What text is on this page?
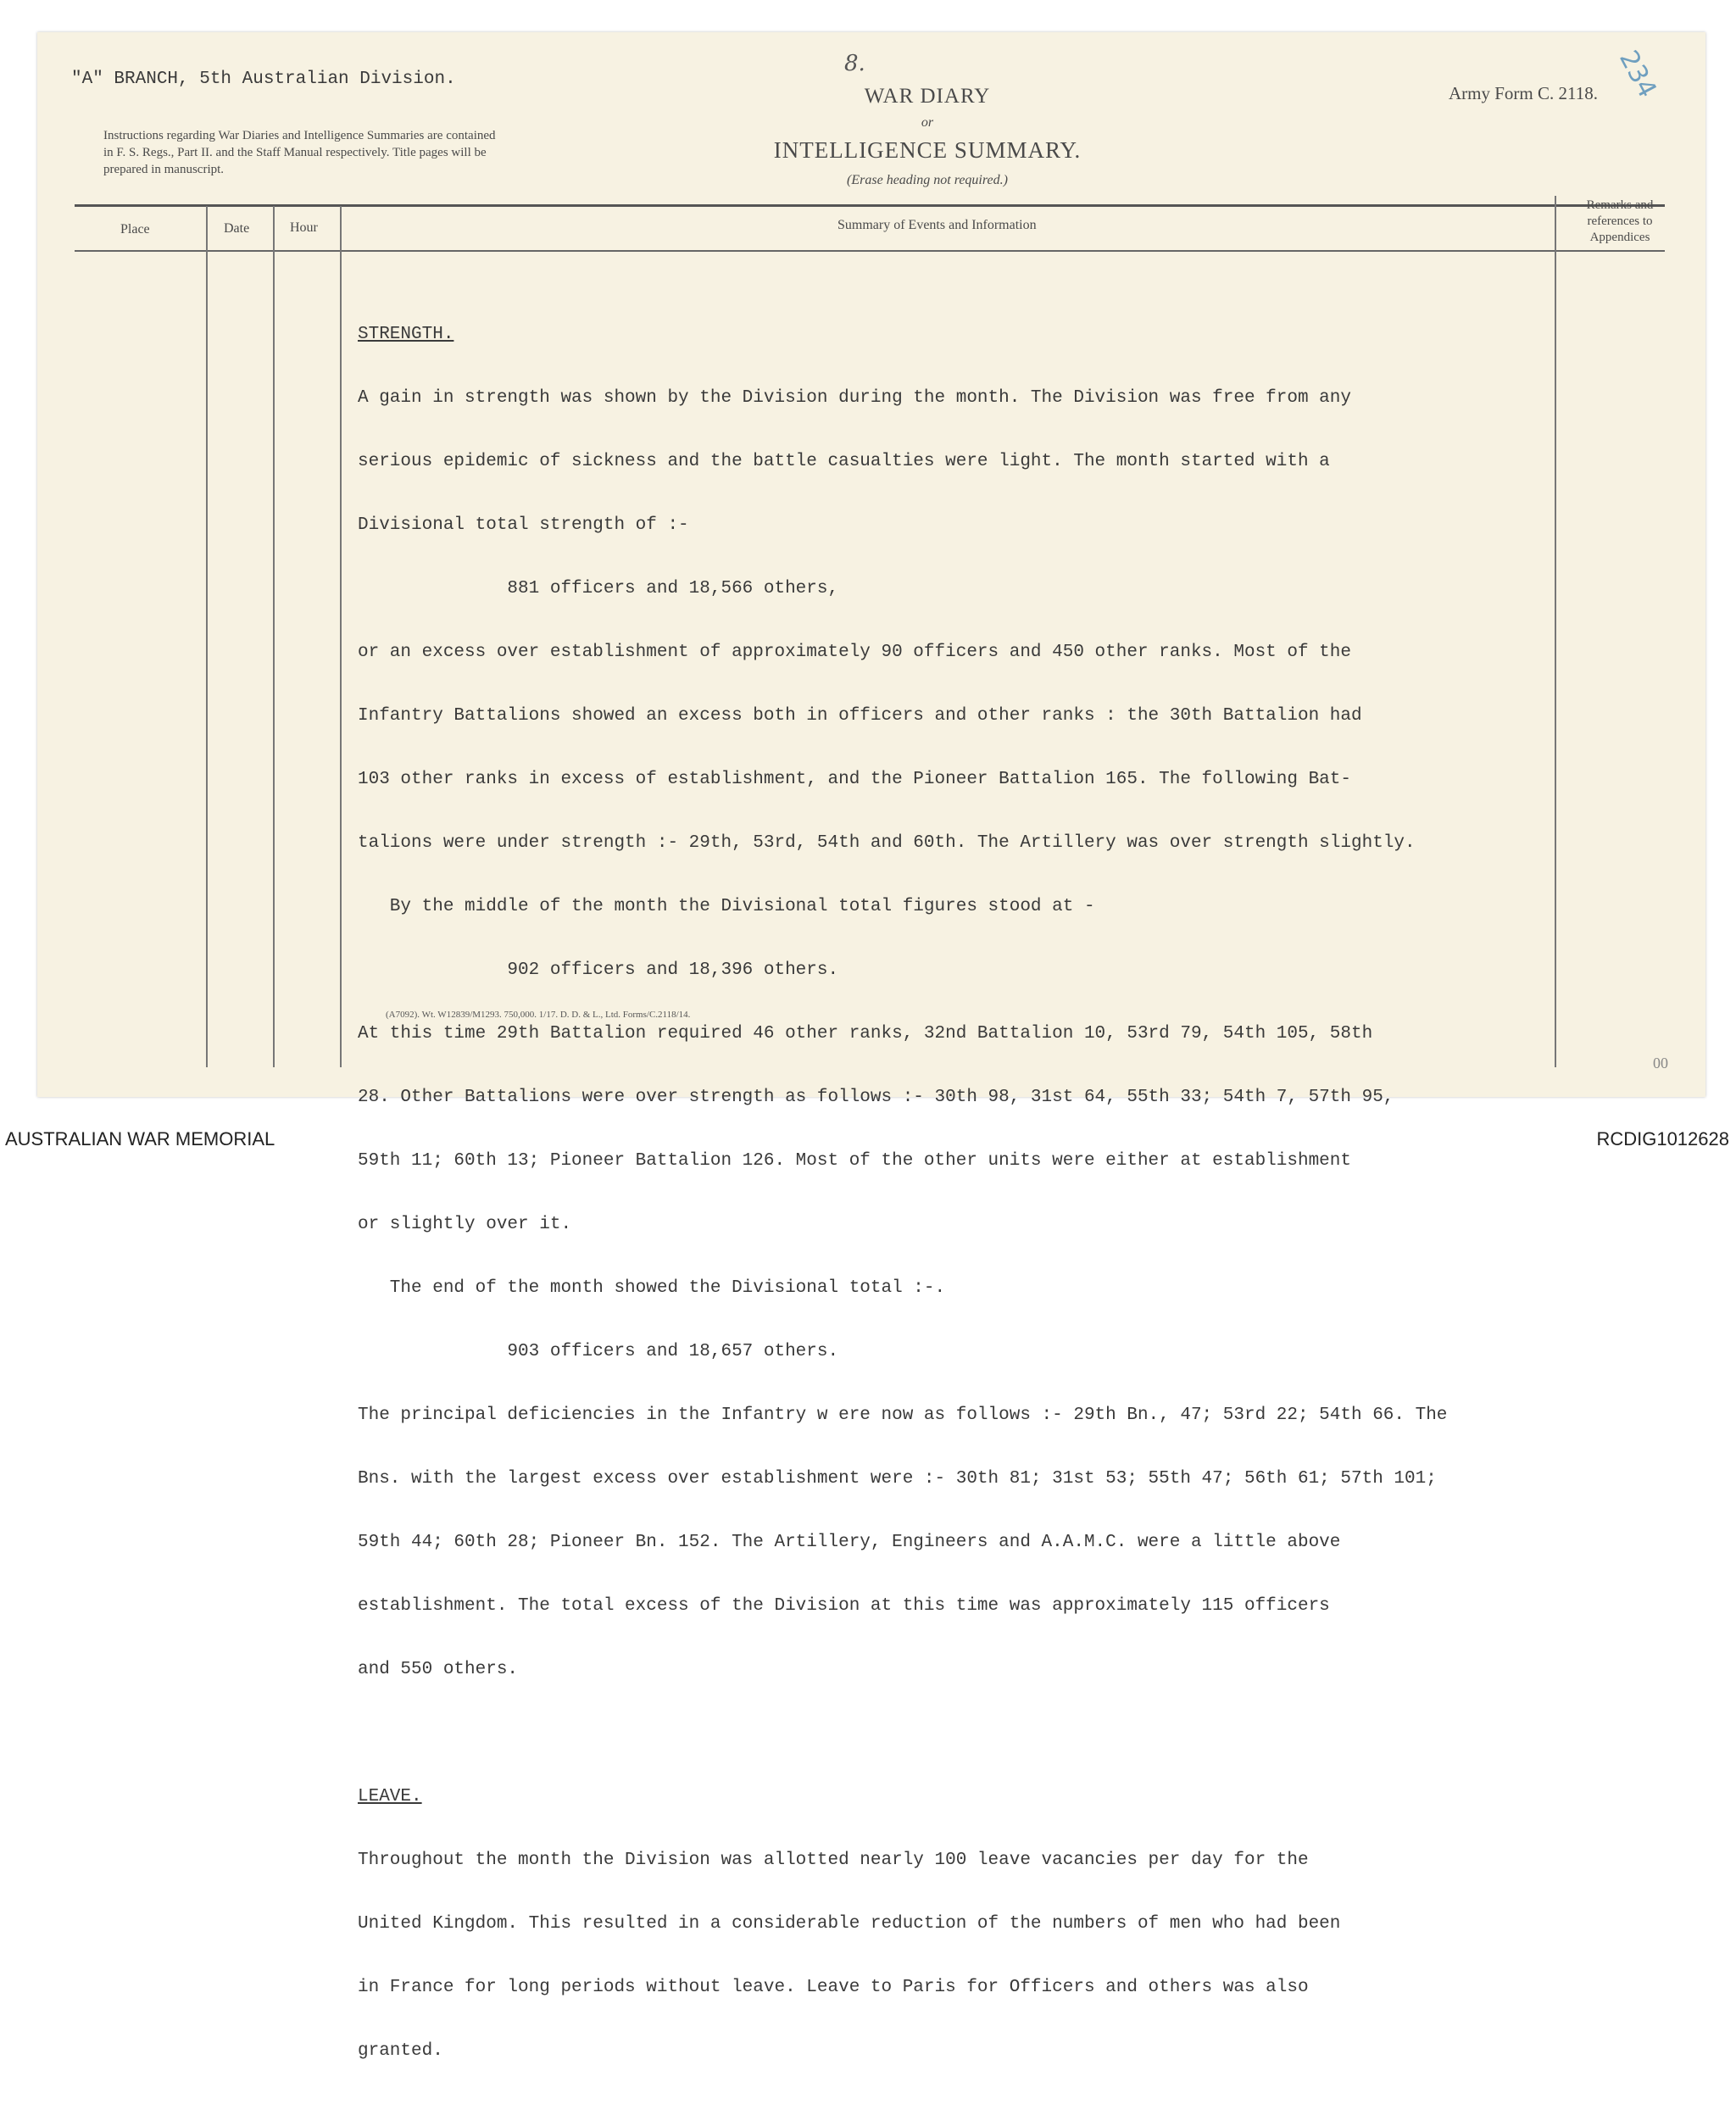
"A" BRANCH, 5th Australian Division.
Instructions regarding War Diaries and Intelligence Summaries are contained in F. S. Regs., Part II. and the Staff Manual respectively. Title pages will be prepared in manuscript.
8.
WAR DIARY
or
INTELLIGENCE SUMMARY.
(Erase heading not required.)
Army Form C. 2118. 234
Place	Date	Hour	Summary of Events and Information
Remarks and
references to
Appendices

STRENGTH.

A gain in strength was shown by the Division during the month. The Division was free from any

serious epidemic of sickness and the battle casualties were light. The month started with a

Divisional total strength of :-

881 officers and 18,566 others,

or an excess over establishment of approximately 90 officers and 450 other ranks. Most of the

Infantry Battalions showed an excess both in officers and other ranks : the 30th Battalion had

103 other ranks in excess of establishment, and the Pioneer Battalion 165. The following Bat-

talions were under strength :- 29th, 53rd, 54th and 60th. The Artillery was over strength slightly.

By the middle of the month the Divisional total figures stood at -

902 officers and 18,396 others.

At this time 29th Battalion required 46 other ranks, 32nd Battalion 10, 53rd 79, 54th 105, 58th

28. Other Battalions were over strength as follows :- 30th 98, 31st 64, 55th 33; 54th 7, 57th 95,

59th 11; 60th 13; Pioneer Battalion 126. Most of the other units were either at establishment

or slightly over it.

The end of the month showed the Divisional total :-.

903 officers and 18,657 others.

The principal deficiencies in the Infantry w ere now as follows :- 29th Bn., 47; 53rd 22; 54th 66. The

Bns. with the largest excess over establishment were :- 30th 81; 31st 53; 55th 47; 56th 61; 57th 101;

59th 44; 60th 28; Pioneer Bn. 152. The Artillery, Engineers and A.A.M.C. were a little above

establishment. The total excess of the Division at this time was approximately 115 officers

and 550 others.

LEAVE.

Throughout the month the Division was allotted nearly 100 leave vacancies per day for the

United Kingdom. This resulted in a considerable reduction of the numbers of men who had been

in France for long periods without leave. Leave to Paris for Officers and others was also

granted.

(A7092). Wt. W12839/M1293. 750,000. 1/17. D. D. & L., Ltd. Forms/C.2118/14.
00
AUSTRALIAN WAR MEMORIAL	RCDIG1012628
